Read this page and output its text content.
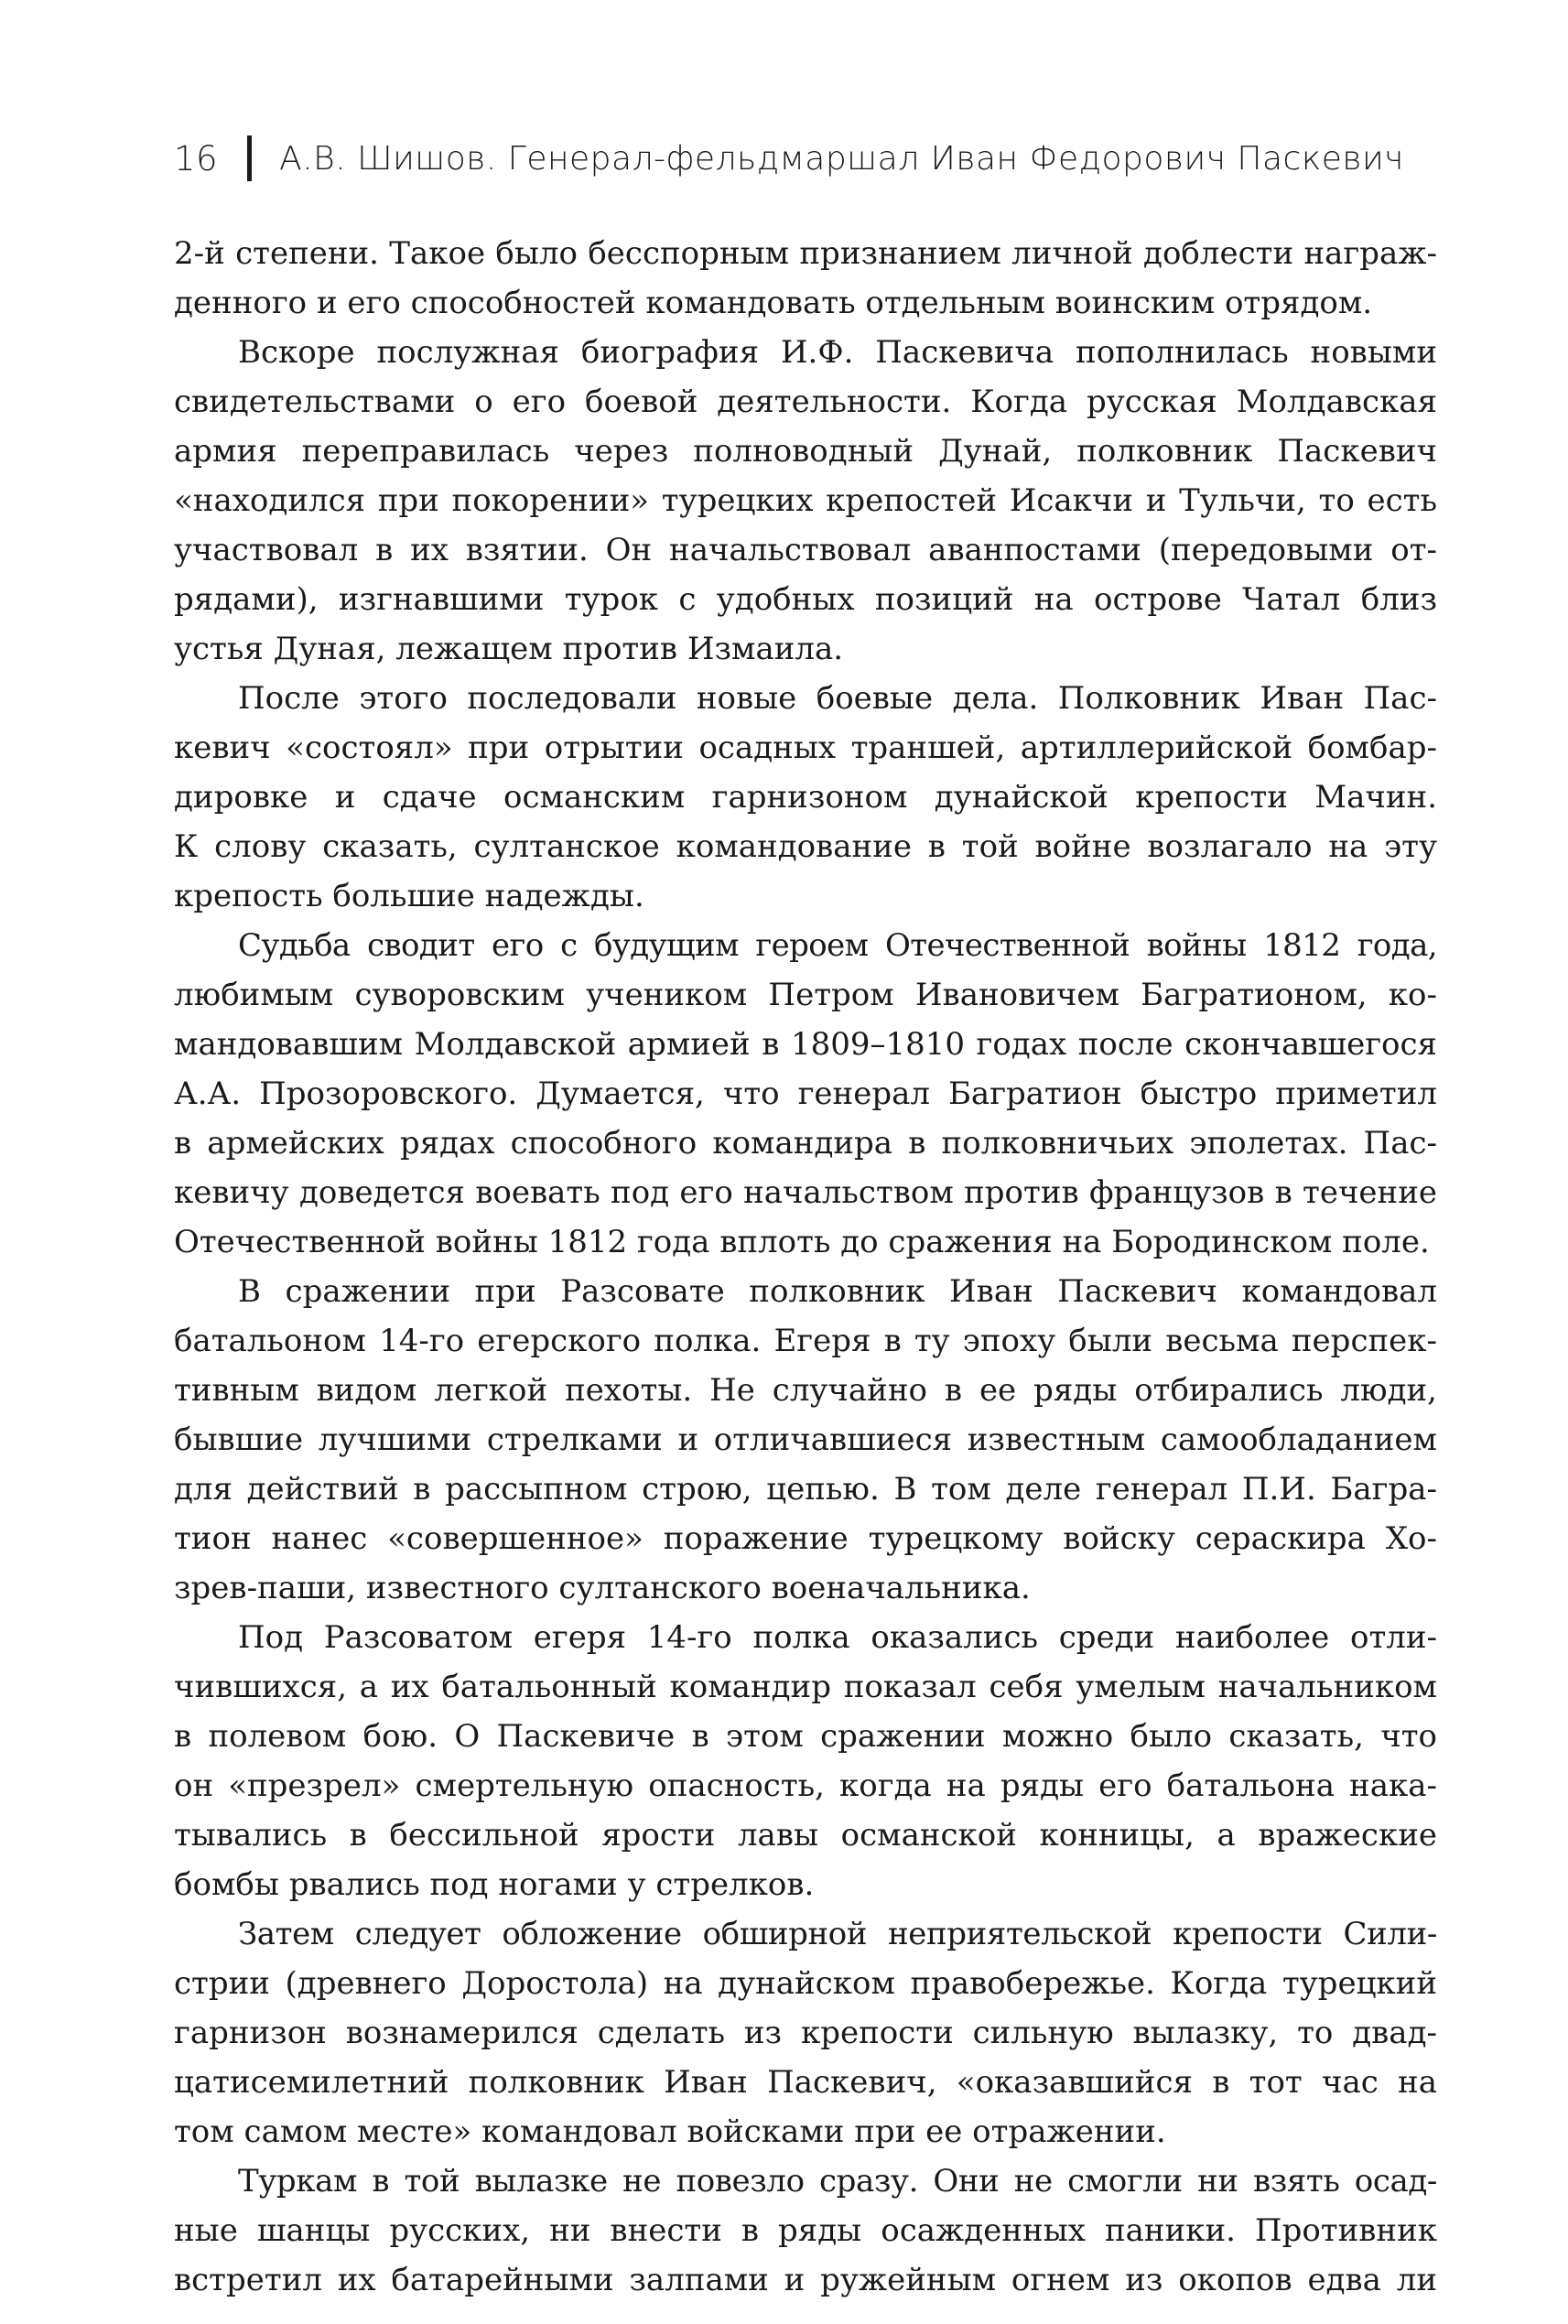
16 А.В. Шишов. Генерал-фельдмаршал Иван Федорович Паскевич
2-й степени. Такое было бесспорным признанием личной доблести награж-
денного и его способностей командовать отдельным воинским отрядом.
Вскоре послужная биография И.Ф. Паскевича пополнилась новыми
свидетельствами о его боевой деятельности. Когда русская Молдавская
армия переправилась через полноводный Дунай, полковник Паскевич
«находился при покорении» турецких крепостей Исакчи и Тульчи, то есть
участвовал в их взятии. Он начальствовал аванпостами (передовыми от-
рядами), изгнавшими турок с удобных позиций на острове Чатал близ
устья Дуная, лежащем против Измаила.
После этого последовали новые боевые дела. Полковник Иван Пас-
кевич «состоял» при отрытии осадных траншей, артиллерийской бомбар-
дировке и сдаче османским гарнизоном дунайской крепости Мачин.
К слову сказать, султанское командование в той войне возлагало на эту
крепость большие надежды.
Судьба сводит его с будущим героем Отечественной войны 1812 года,
любимым суворовским учеником Петром Ивановичем Багратионом, ко-
мандовавшим Молдавской армией в 1809–1810 годах после скончавшегося
А.А. Прозоровского. Думается, что генерал Багратион быстро приметил
в армейских рядах способного командира в полковничьих эполетах. Пас-
кевичу доведется воевать под его начальством против французов в течение
Отечественной войны 1812 года вплоть до сражения на Бородинском поле.
В сражении при Разсовате полковник Иван Паскевич командовал
батальоном 14-го егерского полка. Егеря в ту эпоху были весьма перспек-
тивным видом легкой пехоты. Не случайно в ее ряды отбирались люди,
бывшие лучшими стрелками и отличавшиеся известным самообладанием
для действий в рассыпном строю, цепью. В том деле генерал П.И. Багра-
тион нанес «совершенное» поражение турецкому войску сераскира Хо-
зрев-паши, известного султанского военачальника.
Под Разсоватом егеря 14-го полка оказались среди наиболее отли-
чившихся, а их батальонный командир показал себя умелым начальником
в полевом бою. О Паскевиче в этом сражении можно было сказать, что
он «презрел» смертельную опасность, когда на ряды его батальона нака-
тывались в бессильной ярости лавы османской конницы, а вражеские
бомбы рвались под ногами у стрелков.
Затем следует обложение обширной неприятельской крепости Сили-
стрии (древнего Доростола) на дунайском правобережье. Когда турецкий
гарнизон вознамерился сделать из крепости сильную вылазку, то двад-
цатисемилетний полковник Иван Паскевич, «оказавшийся в тот час на
том самом месте» командовал войсками при ее отражении.
Туркам в той вылазке не повезло сразу. Они не смогли ни взять осад-
ные шанцы русских, ни внести в ряды осажденных паники. Противник
встретил их батарейными залпами и ружейным огнем из окопов едва ли
